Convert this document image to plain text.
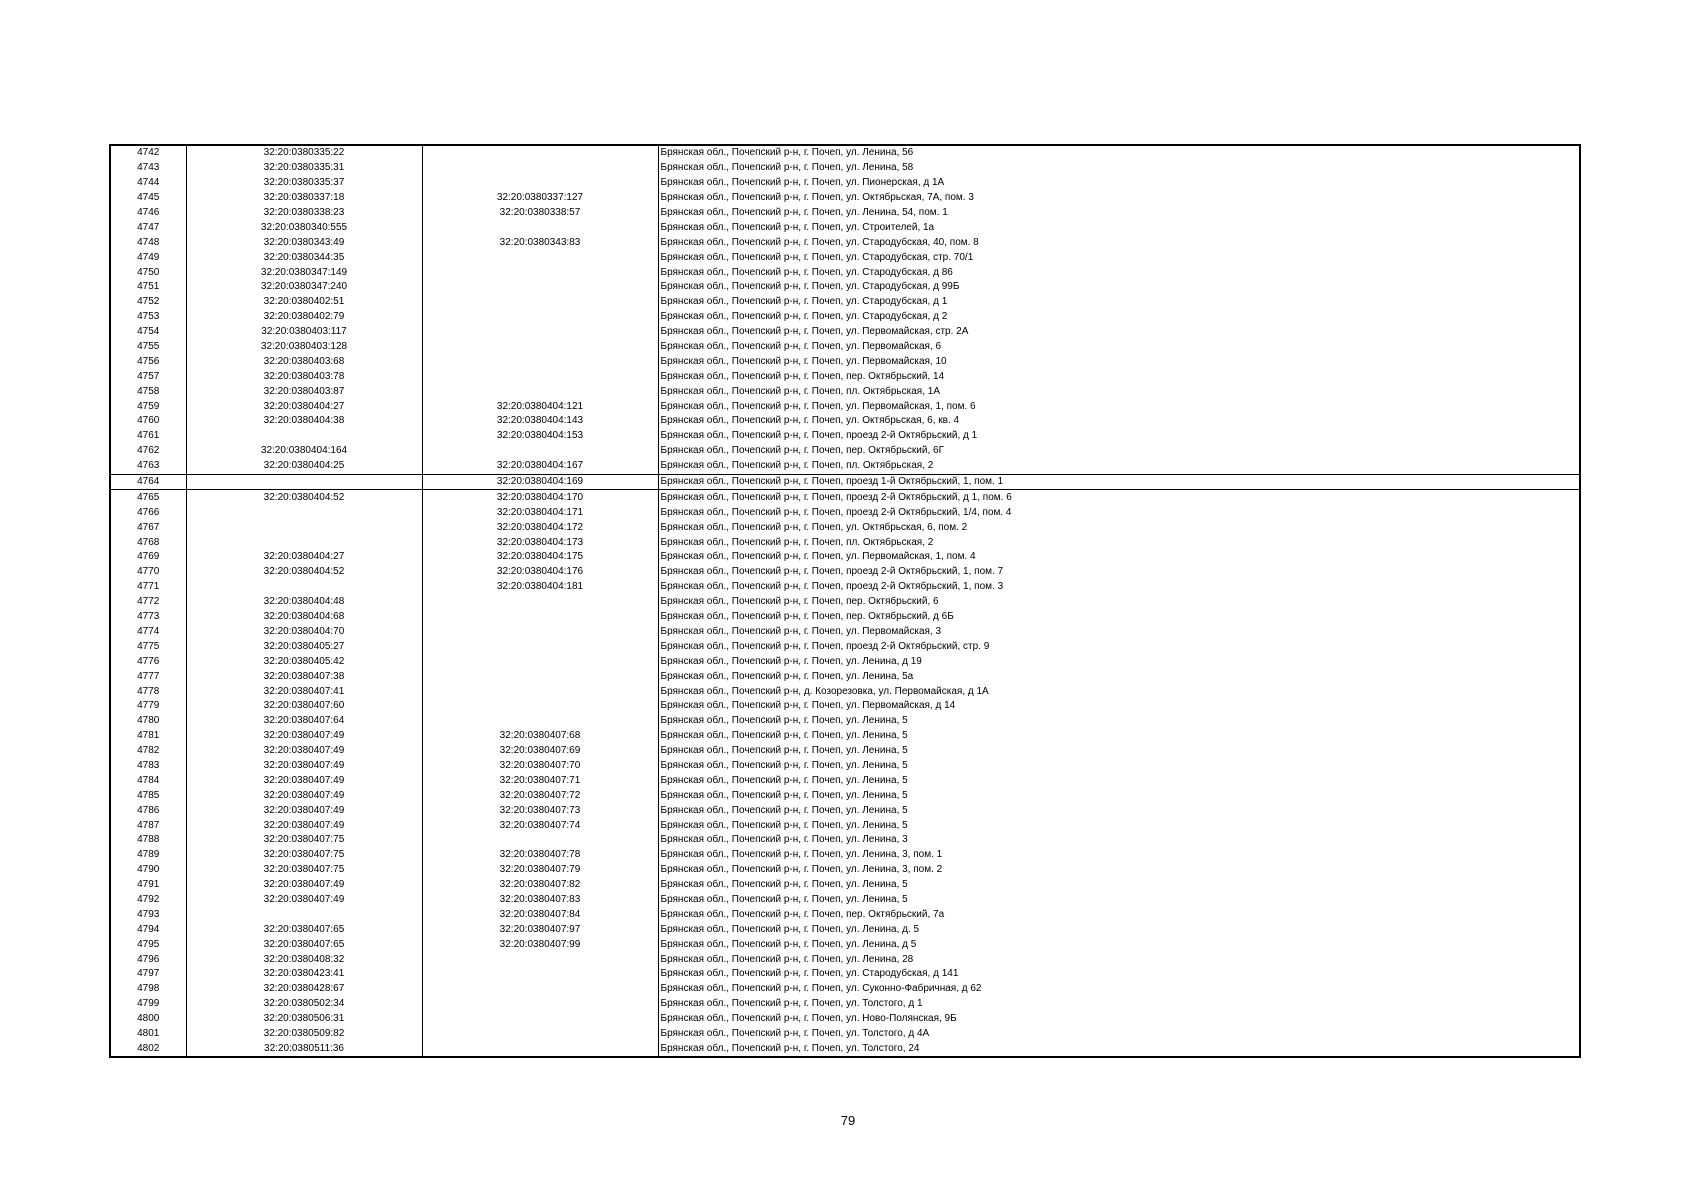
4742	32:20:0380335:22		Брянская обл., Почепский р-н, г. Почеп, ул. Ленина, 56
4743	32:20:0380335:31		Брянская обл., Почепский р-н, г. Почеп, ул. Ленина, 58
4744	32:20:0380335:37		Брянская обл., Почепский р-н, г. Почеп, ул. Пионерская, д 1А
4745	32:20:0380337:18	32:20:0380337:127	Брянская обл., Почепский р-н, г. Почеп, ул. Октябрьская, 7А, пом. 3
4746	32:20:0380338:23	32:20:0380338:57	Брянская обл., Почепский р-н, г. Почеп, ул. Ленина, 54, пом. 1
4747	32:20:0380340:555		Брянская обл., Почепский р-н, г. Почеп, ул. Строителей, 1а
4748	32:20:0380343:49	32:20:0380343:83	Брянская обл., Почепский р-н, г. Почеп, ул. Стародубская, 40, пом. 8
4749	32:20:0380344:35		Брянская обл., Почепский р-н, г. Почеп, ул. Стародубская, стр. 70/1
4750	32:20:0380347:149		Брянская обл., Почепский р-н, г. Почеп, ул. Стародубская, д 86
4751	32:20:0380347:240		Брянская обл., Почепский р-н, г. Почеп, ул. Стародубская, д 99Б
4752	32:20:0380402:51		Брянская обл., Почепский р-н, г. Почеп, ул. Стародубская, д 1
4753	32:20:0380402:79		Брянская обл., Почепский р-н, г. Почеп, ул. Стародубская, д 2
4754	32:20:0380403:117		Брянская обл., Почепский р-н, г. Почеп, ул. Первомайская, стр. 2А
4755	32:20:0380403:128		Брянская обл., Почепский р-н, г. Почеп, ул. Первомайская, 6
4756	32:20:0380403:68		Брянская обл., Почепский р-н, г. Почеп, ул. Первомайская, 10
4757	32:20:0380403:78		Брянская обл., Почепский р-н, г. Почеп, пер. Октябрьский, 14
4758	32:20:0380403:87		Брянская обл., Почепский р-н, г. Почеп, пл. Октябрьская, 1А
4759	32:20:0380404:27	32:20:0380404:121	Брянская обл., Почепский р-н, г. Почеп, ул. Первомайская, 1, пом. 6
4760	32:20:0380404:38	32:20:0380404:143	Брянская обл., Почепский р-н, г. Почеп, ул. Октябрьская, 6, кв. 4
4761		32:20:0380404:153	Брянская обл., Почепский р-н, г. Почеп, проезд 2-й Октябрьский, д 1
4762	32:20:0380404:164		Брянская обл., Почепский р-н, г. Почеп, пер. Октябрьский, 6Г
4763	32:20:0380404:25	32:20:0380404:167	Брянская обл., Почепский р-н, г. Почеп, пл. Октябрьская, 2
4764		32:20:0380404:169	Брянская обл., Почепский р-н, г. Почеп, проезд 1-й Октябрьский, 1, пом. 1
4765	32:20:0380404:52	32:20:0380404:170	Брянская обл., Почепский р-н, г. Почеп, проезд 2-й Октябрьский, д 1, пом. 6
4766		32:20:0380404:171	Брянская обл., Почепский р-н, г. Почеп, проезд 2-й Октябрьский, 1/4, пом. 4
4767		32:20:0380404:172	Брянская обл., Почепский р-н, г. Почеп, ул. Октябрьская, 6, пом. 2
4768		32:20:0380404:173	Брянская обл., Почепский р-н, г. Почеп, пл. Октябрьская, 2
4769	32:20:0380404:27	32:20:0380404:175	Брянская обл., Почепский р-н, г. Почеп, ул. Первомайская, 1, пом. 4
4770	32:20:0380404:52	32:20:0380404:176	Брянская обл., Почепский р-н, г. Почеп, проезд 2-й Октябрьский, 1, пом. 7
4771		32:20:0380404:181	Брянская обл., Почепский р-н, г. Почеп, проезд 2-й Октябрьский, 1, пом. 3
4772	32:20:0380404:48		Брянская обл., Почепский р-н, г. Почеп, пер. Октябрьский, 6
4773	32:20:0380404:68		Брянская обл., Почепский р-н, г. Почеп, пер. Октябрьский, д 6Б
4774	32:20:0380404:70		Брянская обл., Почепский р-н, г. Почеп, ул. Первомайская, 3
4775	32:20:0380405:27		Брянская обл., Почепский р-н, г. Почеп, проезд 2-й Октябрьский, стр. 9
4776	32:20:0380405:42		Брянская обл., Почепский р-н, г. Почеп, ул. Ленина, д 19
4777	32:20:0380407:38		Брянская обл., Почепский р-н, г. Почеп, ул. Ленина, 5а
4778	32:20:0380407:41		Брянская обл., Почепский р-н, д. Козорезовка, ул. Первомайская, д 1А
4779	32:20:0380407:60		Брянская обл., Почепский р-н, г. Почеп, ул. Первомайская, д 14
4780	32:20:0380407:64		Брянская обл., Почепский р-н, г. Почеп, ул. Ленина, 5
4781	32:20:0380407:49	32:20:0380407:68	Брянская обл., Почепский р-н, г. Почеп, ул. Ленина, 5
4782	32:20:0380407:49	32:20:0380407:69	Брянская обл., Почепский р-н, г. Почеп, ул. Ленина, 5
4783	32:20:0380407:49	32:20:0380407:70	Брянская обл., Почепский р-н, г. Почеп, ул. Ленина, 5
4784	32:20:0380407:49	32:20:0380407:71	Брянская обл., Почепский р-н, г. Почеп, ул. Ленина, 5
4785	32:20:0380407:49	32:20:0380407:72	Брянская обл., Почепский р-н, г. Почеп, ул. Ленина, 5
4786	32:20:0380407:49	32:20:0380407:73	Брянская обл., Почепский р-н, г. Почеп, ул. Ленина, 5
4787	32:20:0380407:49	32:20:0380407:74	Брянская обл., Почепский р-н, г. Почеп, ул. Ленина, 5
4788	32:20:0380407:75		Брянская обл., Почепский р-н, г. Почеп, ул. Ленина, 3
4789	32:20:0380407:75	32:20:0380407:78	Брянская обл., Почепский р-н, г. Почеп, ул. Ленина, 3, пом. 1
4790	32:20:0380407:75	32:20:0380407:79	Брянская обл., Почепский р-н, г. Почеп, ул. Ленина, 3, пом. 2
4791	32:20:0380407:49	32:20:0380407:82	Брянская обл., Почепский р-н, г. Почеп, ул. Ленина, 5
4792	32:20:0380407:49	32:20:0380407:83	Брянская обл., Почепский р-н, г. Почеп, ул. Ленина, 5
4793		32:20:0380407:84	Брянская обл., Почепский р-н, г. Почеп, пер. Октябрьский, 7а
4794	32:20:0380407:65	32:20:0380407:97	Брянская обл., Почепский р-н, г. Почеп, ул. Ленина, д. 5
4795	32:20:0380407:65	32:20:0380407:99	Брянская обл., Почепский р-н, г. Почеп, ул. Ленина, д 5
4796	32:20:0380408:32		Брянская обл., Почепский р-н, г. Почеп, ул. Ленина, 28
4797	32:20:0380423:41		Брянская обл., Почепский р-н, г. Почеп, ул. Стародубская, д 141
4798	32:20:0380428:67		Брянская обл., Почепский р-н, г. Почеп, ул. Суконно-Фабричная, д 62
4799	32:20:0380502:34		Брянская обл., Почепский р-н, г. Почеп, ул. Толстого, д 1
4800	32:20:0380506:31		Брянская обл., Почепский р-н, г. Почеп, ул. Ново-Полянская, 9Б
4801	32:20:0380509:82		Брянская обл., Почепский р-н, г. Почеп, ул. Толстого, д 4А
4802	32:20:0380511:36		Брянская обл., Почепский р-н, г. Почеп, ул. Толстого, 24
79
